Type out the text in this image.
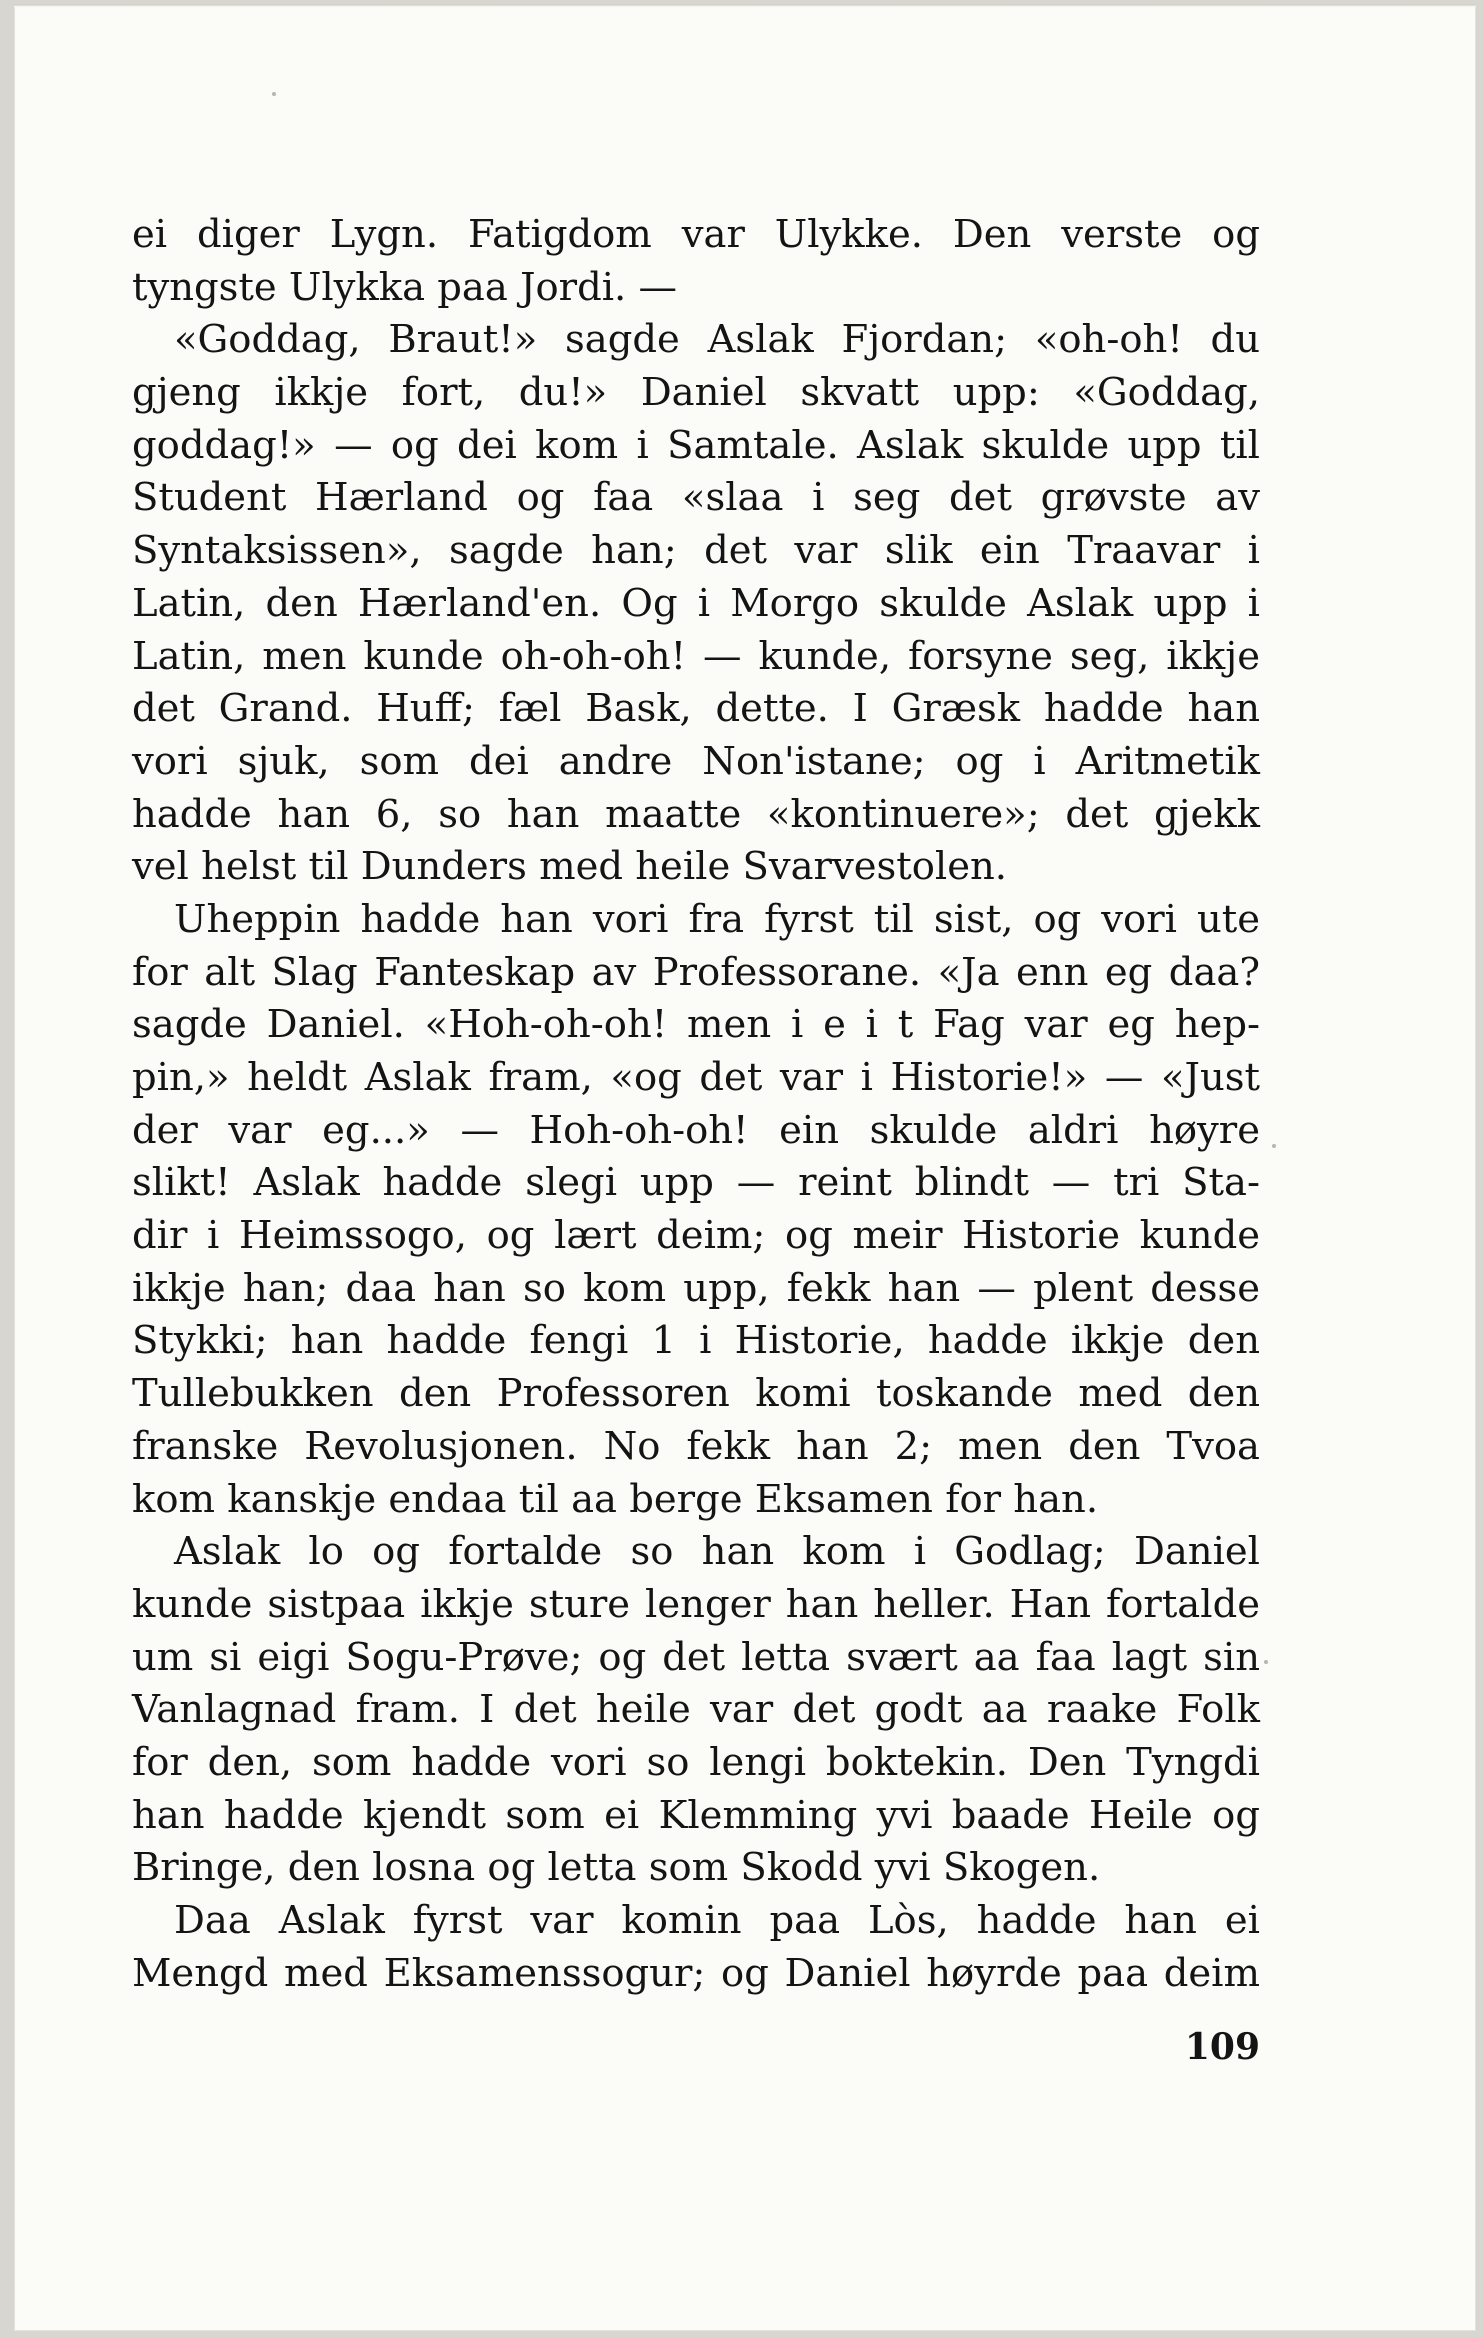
ei diger Lygn. Fatigdom var Ulykke. Den verste og
tyngste Ulykka paa Jordi. —
«Goddag, Braut!» sagde Aslak Fjordan; «oh-oh! du
gjeng ikkje fort, du!» Daniel skvatt upp: «Goddag,
goddag!» — og dei kom i Samtale. Aslak skulde upp til
Student Hærland og faa «slaa i seg det grøvste av
Syntaksissen», sagde han; det var slik ein Traavar i
Latin, den Hærland'en. Og i Morgo skulde Aslak upp i
Latin, men kunde oh-oh-oh! — kunde, forsyne seg, ikkje
det Grand. Huff; fæl Bask, dette. I Græsk hadde han
vori sjuk, som dei andre Non'istane; og i Aritmetik
hadde han 6, so han maatte «kontinuere»; det gjekk
vel helst til Dunders med heile Svarvestolen.
Uheppin hadde han vori fra fyrst til sist, og vori ute
for alt Slag Fanteskap av Professorane. «Ja enn eg daa?
sagde Daniel. «Hoh-oh-oh! men i e i t Fag var eg hep-
pin,» heldt Aslak fram, «og det var i Historie!» — «Just
der var eg...» — Hoh-oh-oh! ein skulde aldri høyre
slikt! Aslak hadde slegi upp — reint blindt — tri Sta-
dir i Heimssogo, og lært deim; og meir Historie kunde
ikkje han; daa han so kom upp, fekk han — plent desse
Stykki; han hadde fengi 1 i Historie, hadde ikkje den
Tullebukken den Professoren komi toskande med den
franske Revolusjonen. No fekk han 2; men den Tvoa
kom kanskje endaa til aa berge Eksamen for han.
Aslak lo og fortalde so han kom i Godlag; Daniel
kunde sistpaa ikkje sture lenger han heller. Han fortalde
um si eigi Sogu-Prøve; og det letta svært aa faa lagt sin
Vanlagnad fram. I det heile var det godt aa raake Folk
for den, som hadde vori so lengi boktekin. Den Tyngdi
han hadde kjendt som ei Klemming yvi baade Heile og
Bringe, den losna og letta som Skodd yvi Skogen.
Daa Aslak fyrst var komin paa Lòs, hadde han ei
Mengd med Eksamenssogur; og Daniel høyrde paa deim
109
